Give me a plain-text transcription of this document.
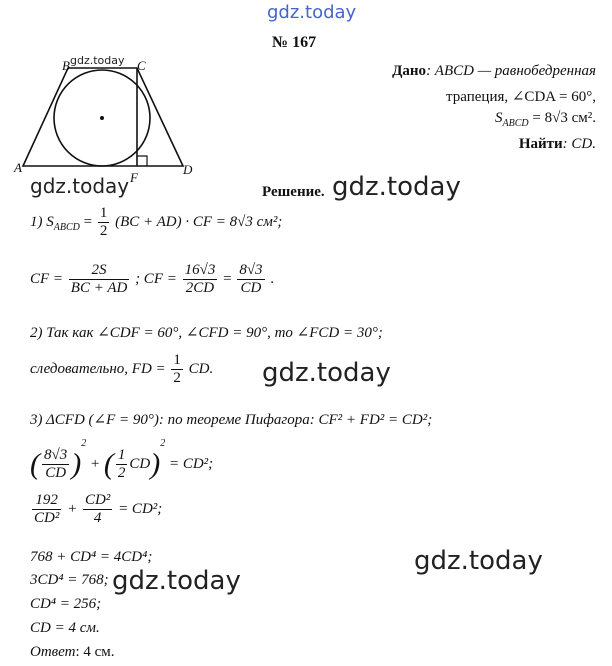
gdz.today
gdz.today
gdz.today	gdz.today
gdz.today
gdz.today
gdz.today
№ 167
A
B	C
D
F
Дано: ABCD — равнобедренная
трапеция, ∠CDA = 60°,
$S_{ABCD} = 8√3$ см².
Найти: CD.
Решение.
1) $S_{ABCD} = \frac{1}{2} (BC + AD)$ · CF = 8√3 см²;
CF = $\frac{2S}{BC + AD}$ ; CF = $\frac{16√3}{2CD} = \frac{8√3}{CD}$ .
2) Так как ∠CDF = 60°, ∠CFD = 90°, то ∠FCD = 30°;
следовательно, FD = $\frac{1}{2}$ CD.
3) ΔCFD (∠F = 90°): по теореме Пифагора: CF² + FD² = CD²;
( $\frac{8√3}{CD} )^2$ + ( $\frac{1}{2} CD)^2 = CD^2$;
$\frac{192}{\text{CD²}} + \frac{\text{CD²}}{4} = CD^2$;
768 + CD⁴ = 4CD⁴;
3CD⁴ = 768;
CD⁴ = 256;
CD = 4 см.
Ответ: 4 см.
